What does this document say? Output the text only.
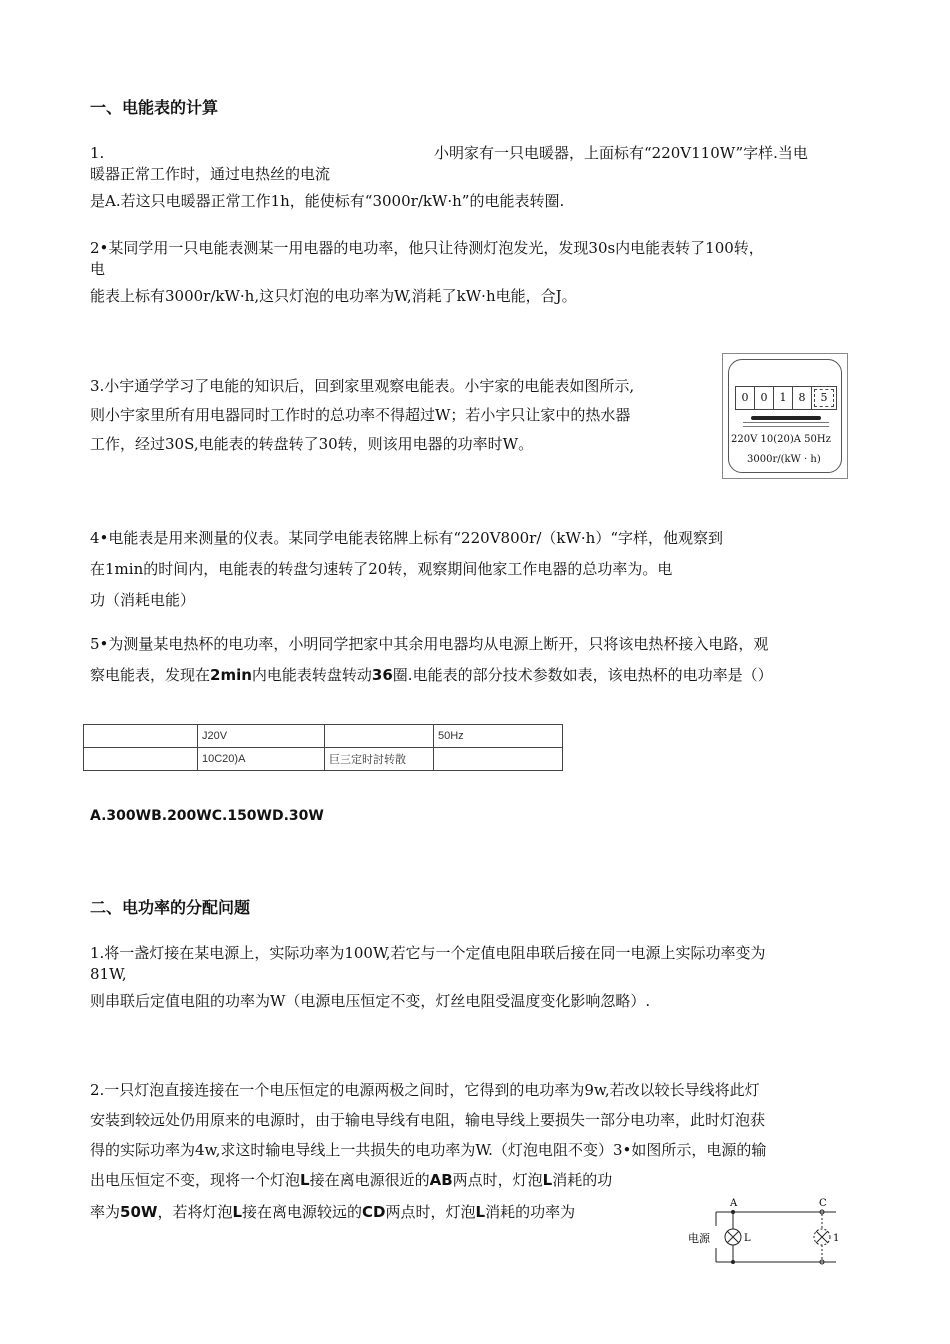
一、电能表的计算
1.	小明家有一只电暖器，上面标有“220V110W”字样.当电
暖器正常工作时，通过电热丝的电流
是A.若这只电暖器正常工作1h，能使标有“3000r/kW·h”的电能表转圈.
2•某同学用一只电能表测某一用电器的电功率，他只让待测灯泡发光，发现30s内电能表转了100转，
电
能表上标有3000r/kW·h,这只灯泡的电功率为W,消耗了kW·h电能，合J。
3.小宇通学学习了电能的知识后，回到家里观察电能表。小宇家的电能表如图所示,
则小宇家里所有用电器同时工作时的总功率不得超过W；若小宇只让家中的热水器
工作，经过30S,电能表的转盘转了30转，则该用电器的功率时W。
0	0	1	8	5
220V 10(20)A 50Hz
3000r/(kW · h)
4•电能表是用来测量的仪表。某同学电能表铭牌上标有“220V800r/（kW·h）“字样，他观察到
在1min的时间内，电能表的转盘匀速转了20转，观察期间他家工作电器的总功率为。电
功（消耗电能）
5•为测量某电热杯的电功率，小明同学把家中其余用电器均从电源上断开，只将该电热杯接入电路，观
察电能表，发现在2min内电能表转盘转动36圈.电能表的部分技术参数如表，该电热杯的电功率是（）
	J20V		50Hz
	10C20)A	巨三定时討转散	
A.300WB.200WC.150WD.30W
二、电功率的分配问题
1.将一盏灯接在某电源上，实际功率为100W,若它与一个定值电阻串联后接在同一电源上实际功率变为
81W,
则串联后定值电阻的功率为W（电源电压恒定不变，灯丝电阻受温度变化影响忽略）.
2.一只灯泡直接连接在一个电压恒定的电源两极之间时，它得到的电功率为9w,若改以较长导线将此灯
安装到较远处仍用原来的电源时，由于输电导线有电阻，输电导线上要损失一部分电功率，此时灯泡获
得的实际功率为4w,求这时输电导线上一共损失的电功率为W.（灯泡电阻不变）3•如图所示，电源的输
出电压恒定不变，现将一个灯泡L接在离电源很近的AB两点时，灯泡L消耗的功
率为50W，若将灯泡L接在离电源较远的CD两点时，灯泡L消耗的功率为
电源
A	C
L	1
